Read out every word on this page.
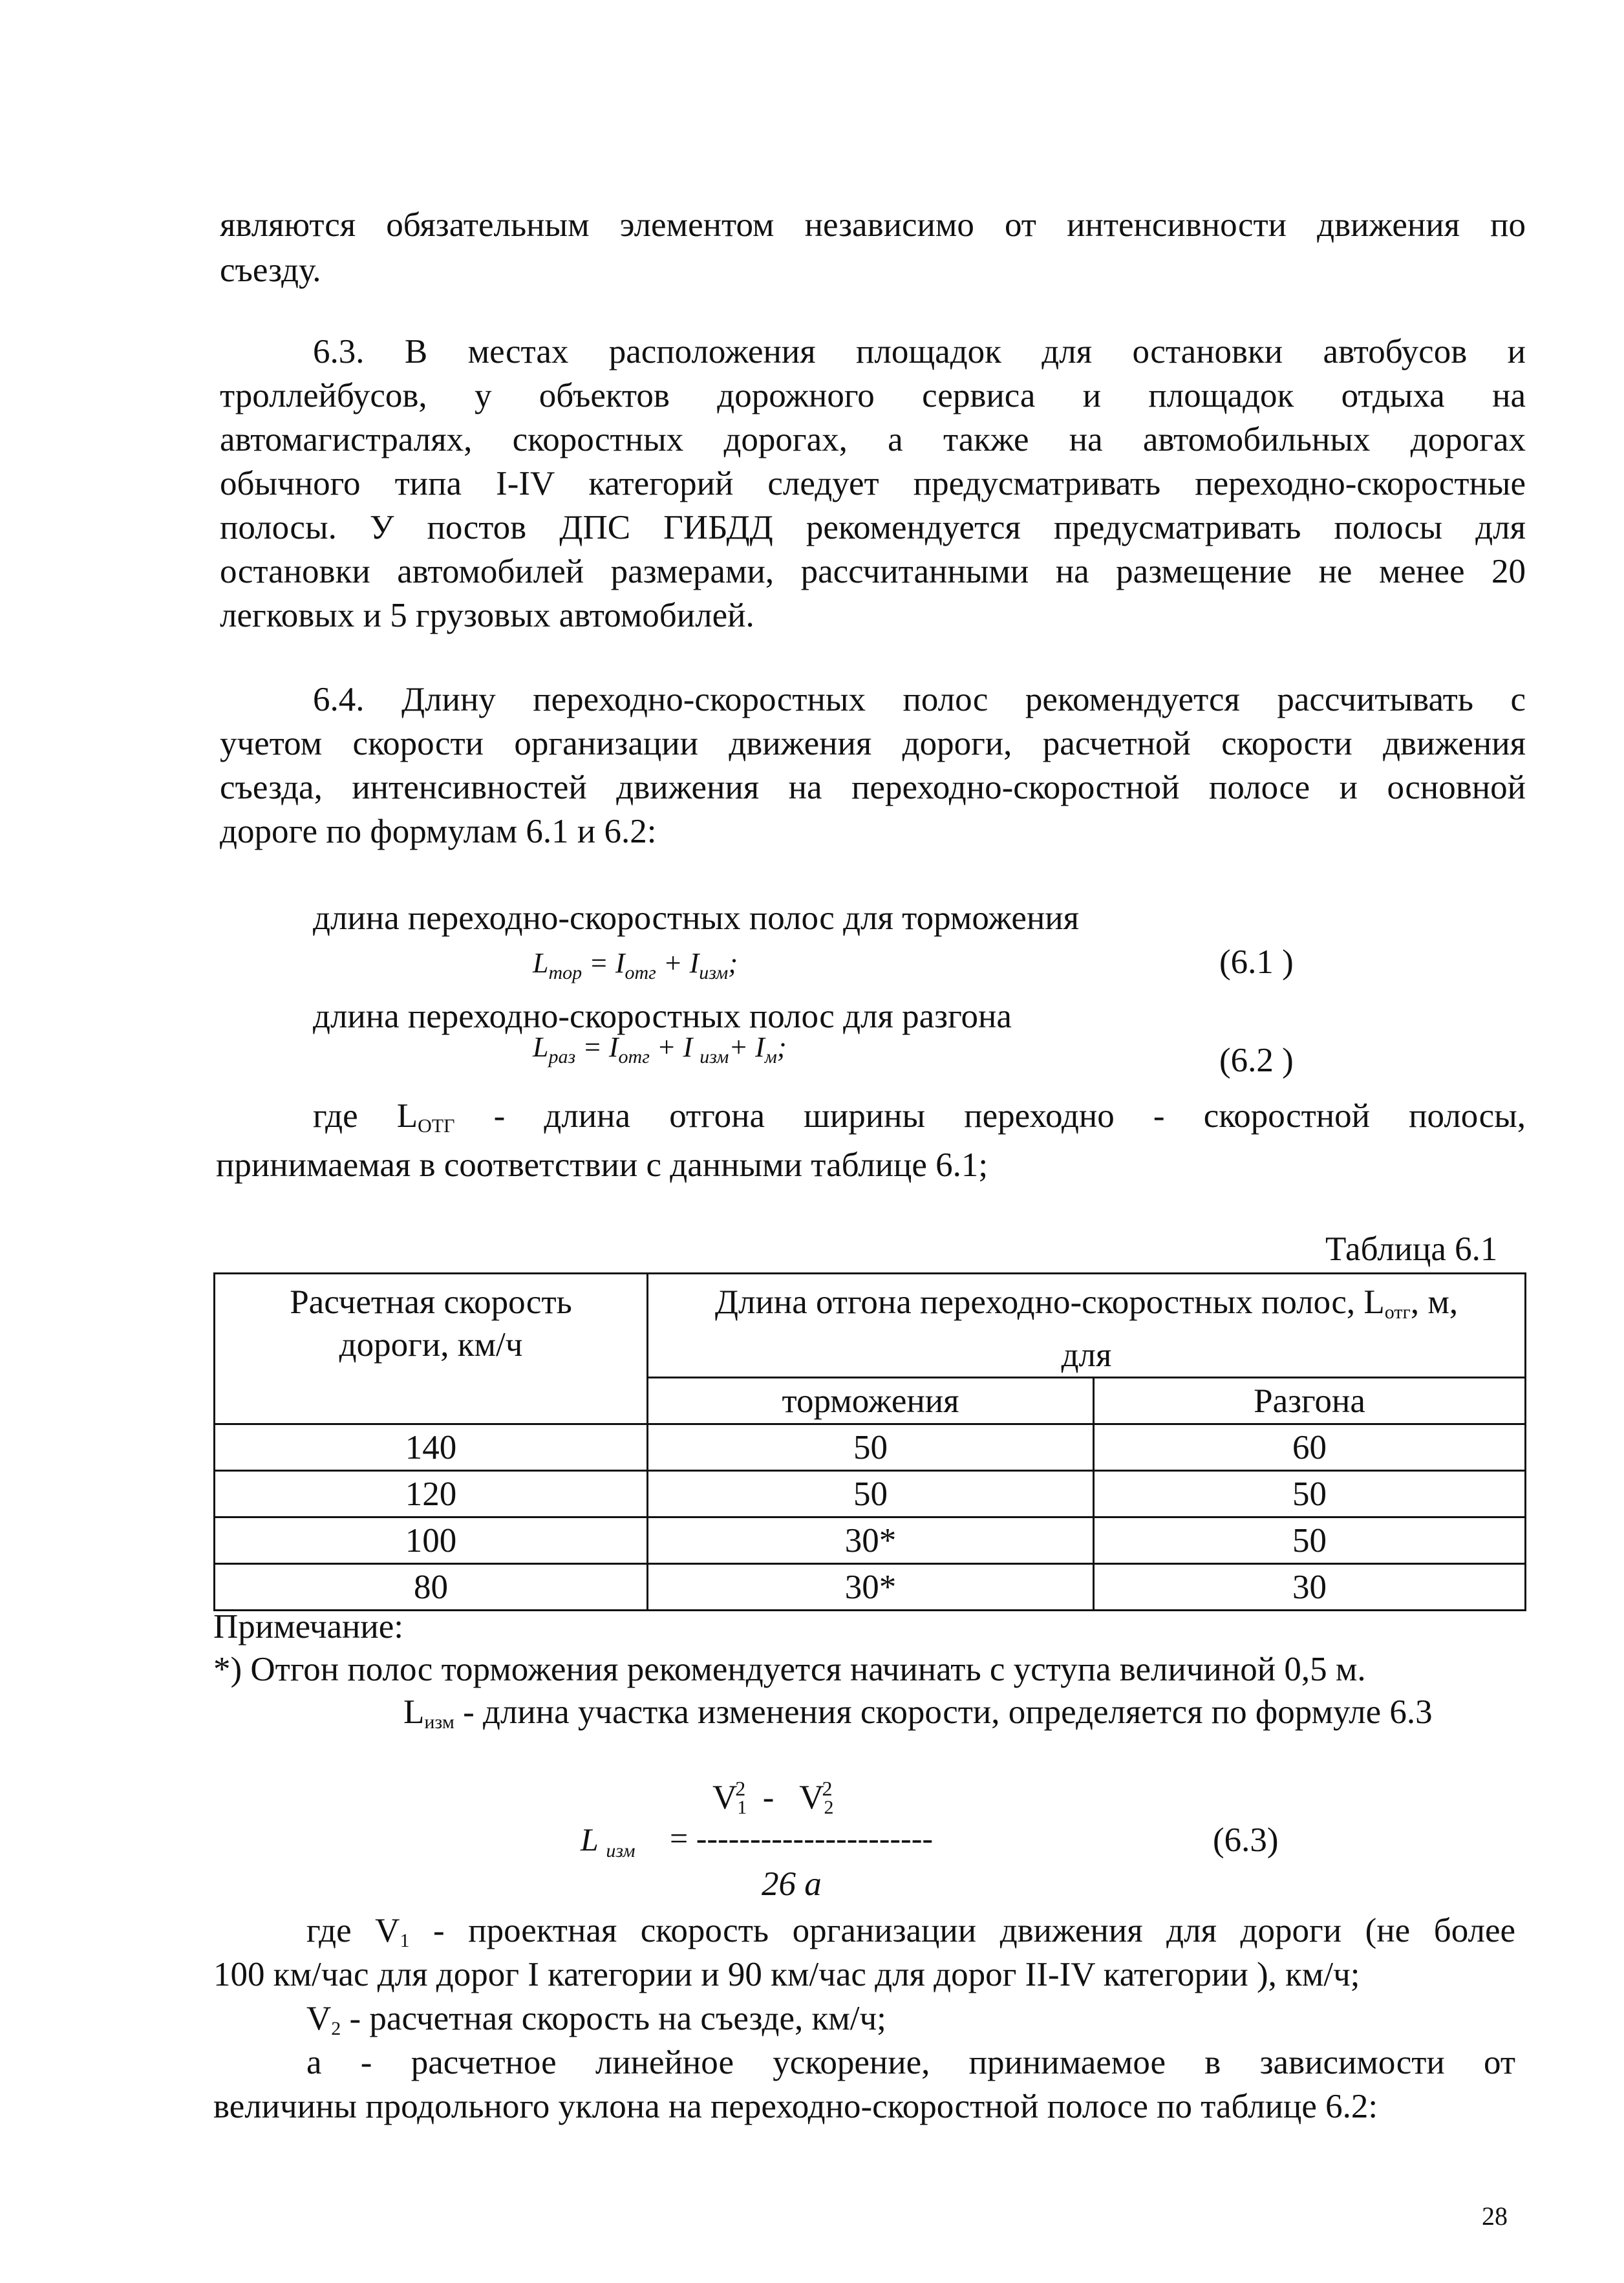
являются обязательным элементом независимо от интенсивности движения по
съезду.
6.3. В местах расположения площадок для остановки автобусов и
троллейбусов, у объектов дорожного сервиса и площадок отдыха на
автомагистралях, скоростных дорогах, а также на автомобильных дорогах
обычного типа I-IV категорий следует предусматривать переходно-скоростные
полосы. У постов ДПС ГИБДД рекомендуется предусматривать полосы для
остановки автомобилей размерами, рассчитанными на размещение не менее 20
легковых и 5 грузовых автомобилей.
6.4. Длину переходно-скоростных полос рекомендуется рассчитывать с
учетом скорости организации движения дороги, расчетной скорости движения
съезда, интенсивностей движения на переходно-скоростной полосе и основной
дороге по формулам 6.1 и 6.2:
длина переходно-скоростных полос для торможения
$L_{тор} = I_{отг} + I_{изм}$;	(6.1 )
длина переходно-скоростных полос для разгона
$L_{раз} = I_{отг} + I$ $_{изм}+ I_м$;	(6.2 )
где $L_{ОТГ}$ - длина отгона ширины переходно - скоростной полосы,
принимаемая в соответствии с данными таблице 6.1;
Таблица 6.1
Расчетная скорость
дороги, км/ч	Длина отгона переходно-скоростных полос, $L_{отг}$, м,
для	
	торможения	Разгона
140	50	60
120	50	50
100	30*	50
80	30*	30
Примечание:
*) Отгон полос торможения рекомендуется начинать с уступа величиной 0,5 м.
$L_{изм}$ - длина участка изменения скорости, определяется по формуле 6.3
$V_1^2 - V_2^2$
L $_{изм}$ = ----------------------
26 а
(6.3)
где $V_1$ - проектная скорость организации движения для дороги (не более
100 км/час для дорог I категории и 90 км/час для дорог II-IV категории ), км/ч;
$V_2$ - расчетная скорость на съезде, км/ч;
а - расчетное линейное ускорение, принимаемое в зависимости от
величины продольного уклона на переходно-скоростной полосе по таблице 6.2:
28
